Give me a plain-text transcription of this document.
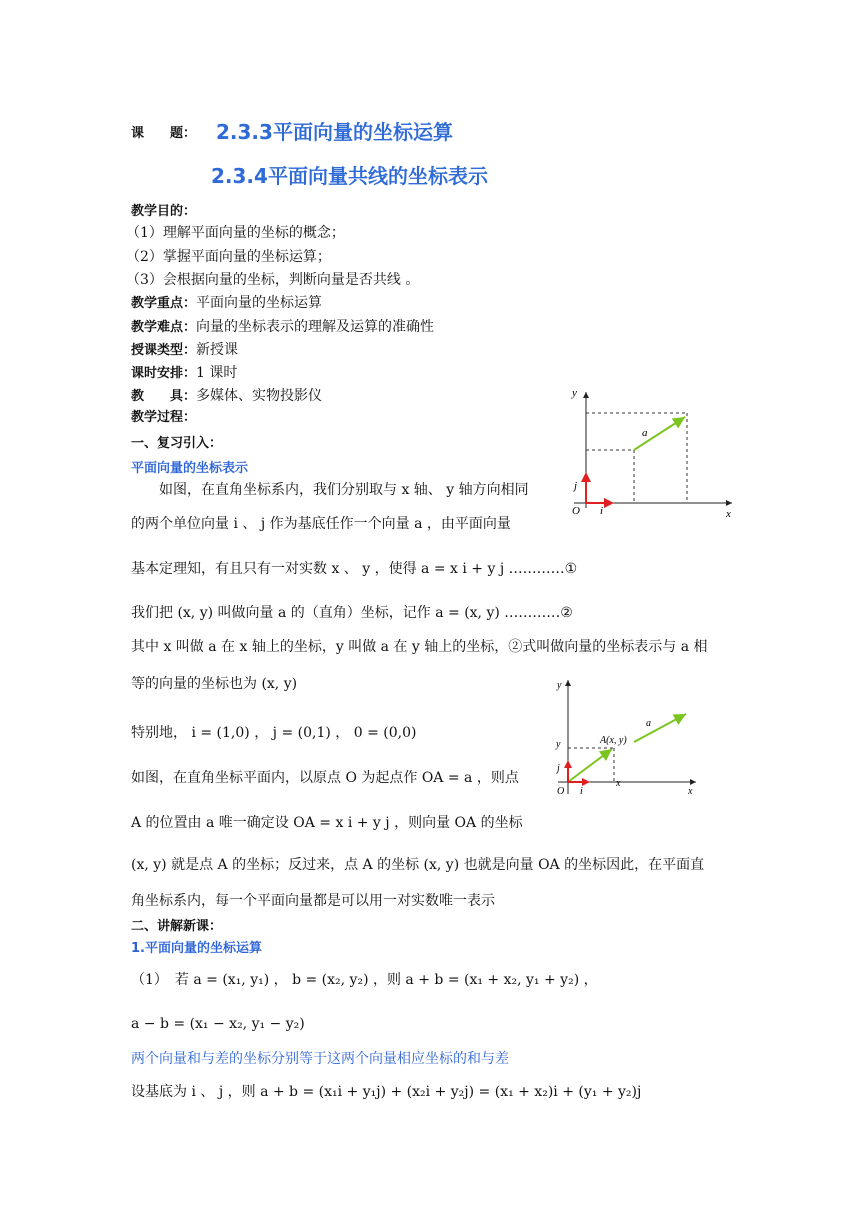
课　　题： 2.3.3平面向量的坐标运算
2.3.4平面向量共线的坐标表示
教学目的：
（1）理解平面向量的坐标的概念；
（2）掌握平面向量的坐标运算；
（3）会根据向量的坐标，判断向量是否共线 。
教学重点：平面向量的坐标运算
教学难点：向量的坐标表示的理解及运算的准确性
授课类型：新授课
课时安排：1 课时
教　　具：多媒体、实物投影仪
教学过程：
一、复习引入：
平面向量的坐标表示
　　如图，在直角坐标系内，我们分别取与 x 轴、 y 轴方向相同
的两个单位向量 i 、 j 作为基底任作一个向量 a ，由平面向量
基本定理知，有且只有一对实数 x 、 y ，使得 a = x i + y j …………①
我们把 (x, y) 叫做向量 a 的（直角）坐标，记作 a = (x, y) …………②
其中 x 叫做 a 在 x 轴上的坐标，y 叫做 a 在 y 轴上的坐标，②式叫做向量的坐标表示与 a 相
等的向量的坐标也为 (x, y)
特别地， i = (1,0) ， j = (0,1) ， 0 = (0,0)
如图，在直角坐标平面内，以原点 O 为起点作 OA = a ，则点
A 的位置由 a 唯一确定设 OA = x i + y j ，则向量 OA 的坐标
(x, y) 就是点 A 的坐标；反过来，点 A 的坐标 (x, y) 也就是向量 OA 的坐标因此，在平面直
角坐标系内，每一个平面向量都是可以用一对实数唯一表示
二、讲解新课：
1.平面向量的坐标运算
（1）　若 a = (x₁, y₁) ， b = (x₂, y₂) ，则 a + b = (x₁ + x₂, y₁ + y₂) ，
a − b = (x₁ − x₂, y₁ − y₂)
两个向量和与差的坐标分别等于这两个向量相应坐标的和与差
设基底为 i 、 j ，则 a + b = (x₁i + y₁j) + (x₂i + y₂j) = (x₁ + x₂)i + (y₁ + y₂)j
y
x
O i
j
a
y
x
O i
j
y
x
A(x, y)
a
